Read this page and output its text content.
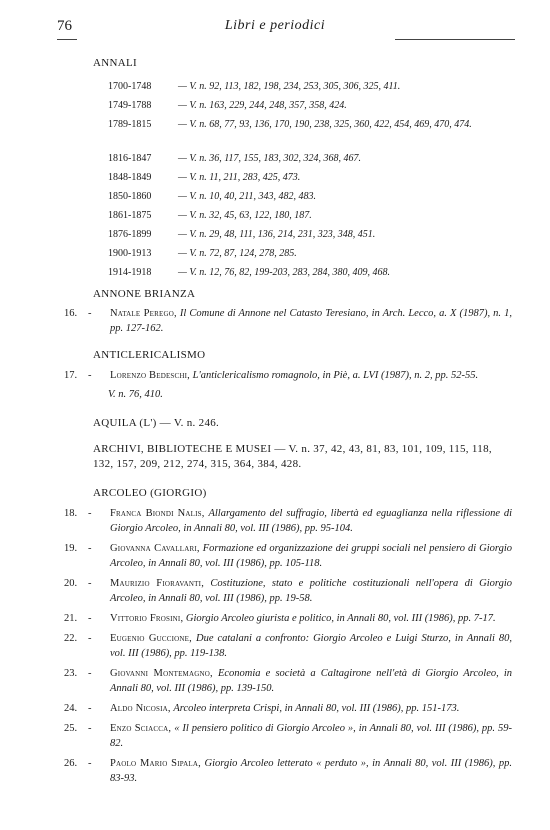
76	Libri e periodici
ANNALI
1700-1748	— V. n. 92, 113, 182, 198, 234, 253, 305, 306, 325, 411.
1749-1788	— V. n. 163, 229, 244, 248, 357, 358, 424.
1789-1815	— V. n. 68, 77, 93, 136, 170, 190, 238, 325, 360, 422, 454, 469, 470, 474.
1816-1847	— V. n. 36, 117, 155, 183, 302, 324, 368, 467.
1848-1849	— V. n. 11, 211, 283, 425, 473.
1850-1860	— V. n. 10, 40, 211, 343, 482, 483.
1861-1875	— V. n. 32, 45, 63, 122, 180, 187.
1876-1899	— V. n. 29, 48, 111, 136, 214, 231, 323, 348, 451.
1900-1913	— V. n. 72, 87, 124, 278, 285.
1914-1918	— V. n. 12, 76, 82, 199-203, 283, 284, 380, 409, 468.
ANNONE BRIANZA
16. - Natale Perego, Il Comune di Annone nel Catasto Teresiano, in Arch. Lecco, a. X (1987), n. 1, pp. 127-162.
ANTICLERICALISMO
17. - Lorenzo Bedeschi, L'anticlericalismo romagnolo, in Piè, a. LVI (1987), n. 2, pp. 52-55.
V. n. 76, 410.
AQUILA (L') — V. n. 246.
ARCHIVI, BIBLIOTECHE E MUSEI — V. n. 37, 42, 43, 81, 83, 101, 109, 115, 118, 132, 157, 209, 212, 274, 315, 364, 384, 428.
ARCOLEO (GIORGIO)
18. - Franca Biondi Nalis, Allargamento del suffragio, libertà ed eguaglianza nella riflessione di Giorgio Arcoleo, in Annali 80, vol. III (1986), pp. 95-104.
19. - Giovanna Cavallari, Formazione ed organizzazione dei gruppi sociali nel pensiero di Giorgio Arcoleo, in Annali 80, vol. III (1986), pp. 105-118.
20. - Maurizio Fioravanti, Costituzione, stato e politiche costituzionali nell'opera di Giorgio Arcoleo, in Annali 80, vol. III (1986), pp. 19-58.
21. - Vittorio Frosini, Giorgio Arcoleo giurista e politico, in Annali 80, vol. III (1986), pp. 7-17.
22. - Eugenio Guccione, Due catalani a confronto: Giorgio Arcoleo e Luigi Sturzo, in Annali 80, vol. III (1986), pp. 119-138.
23. - Giovanni Montemagno, Economia e società a Caltagirone nell'età di Giorgio Arcoleo, in Annali 80, vol. III (1986), pp. 139-150.
24. - Aldo Nicosia, Arcoleo interpreta Crispi, in Annali 80, vol. III (1986), pp. 151-173.
25. - Enzo Sciacca, « Il pensiero politico di Giorgio Arcoleo », in Annali 80, vol. III (1986), pp. 59-82.
26. - Paolo Mario Sipala, Giorgio Arcoleo letterato « perduto », in Annali 80, vol. III (1986), pp. 83-93.
